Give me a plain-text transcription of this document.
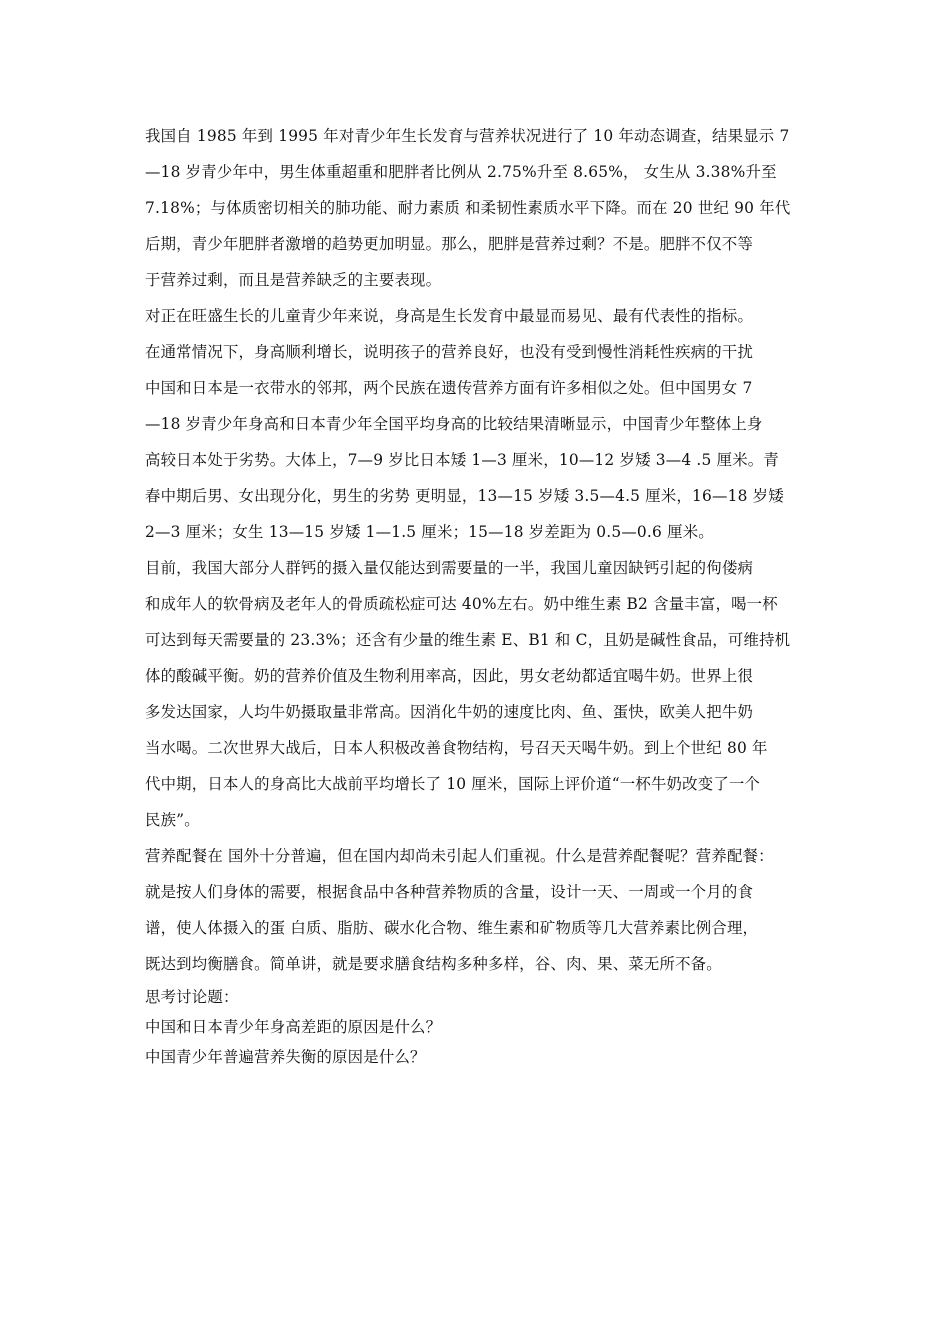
我国自 1985 年到 1995 年对青少年生长发育与营养状况进行了 10 年动态调查，结果显示 7
—18 岁青少年中，男生体重超重和肥胖者比例从 2.75%升至 8.65%， 女生从 3.38%升至
7.18%；与体质密切相关的肺功能、耐力素质 和柔韧性素质水平下降。而在 20 世纪 90 年代
后期，青少年肥胖者激增的趋势更加明显。那么，肥胖是营养过剩？不是。肥胖不仅不等
于营养过剩，而且是营养缺乏的主要表现。
对正在旺盛生长的儿童青少年来说，身高是生长发育中最显而易见、最有代表性的指标。
在通常情况下，身高顺利增长，说明孩子的营养良好，也没有受到慢性消耗性疾病的干扰
中国和日本是一衣带水的邻邦，两个民族在遗传营养方面有许多相似之处。但中国男女 7
—18 岁青少年身高和日本青少年全国平均身高的比较结果清晰显示，中国青少年整体上身
高较日本处于劣势。大体上，7—9 岁比日本矮 1—3 厘米，10—12 岁矮 3—4 .5 厘米。青
春中期后男、女出现分化，男生的劣势 更明显，13—15 岁矮 3.5—4.5 厘米，16—18 岁矮
2—3 厘米；女生 13—15 岁矮 1—1.5 厘米；15—18 岁差距为 0.5—0.6 厘米。
目前，我国大部分人群钙的摄入量仅能达到需要量的一半，我国儿童因缺钙引起的佝偻病
和成年人的软骨病及老年人的骨质疏松症可达 40%左右。奶中维生素 B2 含量丰富，喝一杯
可达到每天需要量的 23.3%；还含有少量的维生素 E、B1 和 C，且奶是碱性食品，可维持机
体的酸碱平衡。奶的营养价值及生物利用率高，因此，男女老幼都适宜喝牛奶。世界上很
多发达国家，人均牛奶摄取量非常高。因消化牛奶的速度比肉、鱼、蛋快，欧美人把牛奶
当水喝。二次世界大战后，日本人积极改善食物结构，号召天天喝牛奶。到上个世纪 80 年
代中期，日本人的身高比大战前平均增长了 10 厘米，国际上评价道“一杯牛奶改变了一个
民族”。
营养配餐在 国外十分普遍，但在国内却尚未引起人们重视。什么是营养配餐呢？营养配餐：
就是按人们身体的需要，根据食品中各种营养物质的含量，设计一天、一周或一个月的食
谱，使人体摄入的蛋 白质、脂肪、碳水化合物、维生素和矿物质等几大营养素比例合理，
既达到均衡膳食。简单讲，就是要求膳食结构多种多样，谷、肉、果、菜无所不备。
思考讨论题：
中国和日本青少年身高差距的原因是什么？
中国青少年普遍营养失衡的原因是什么？
